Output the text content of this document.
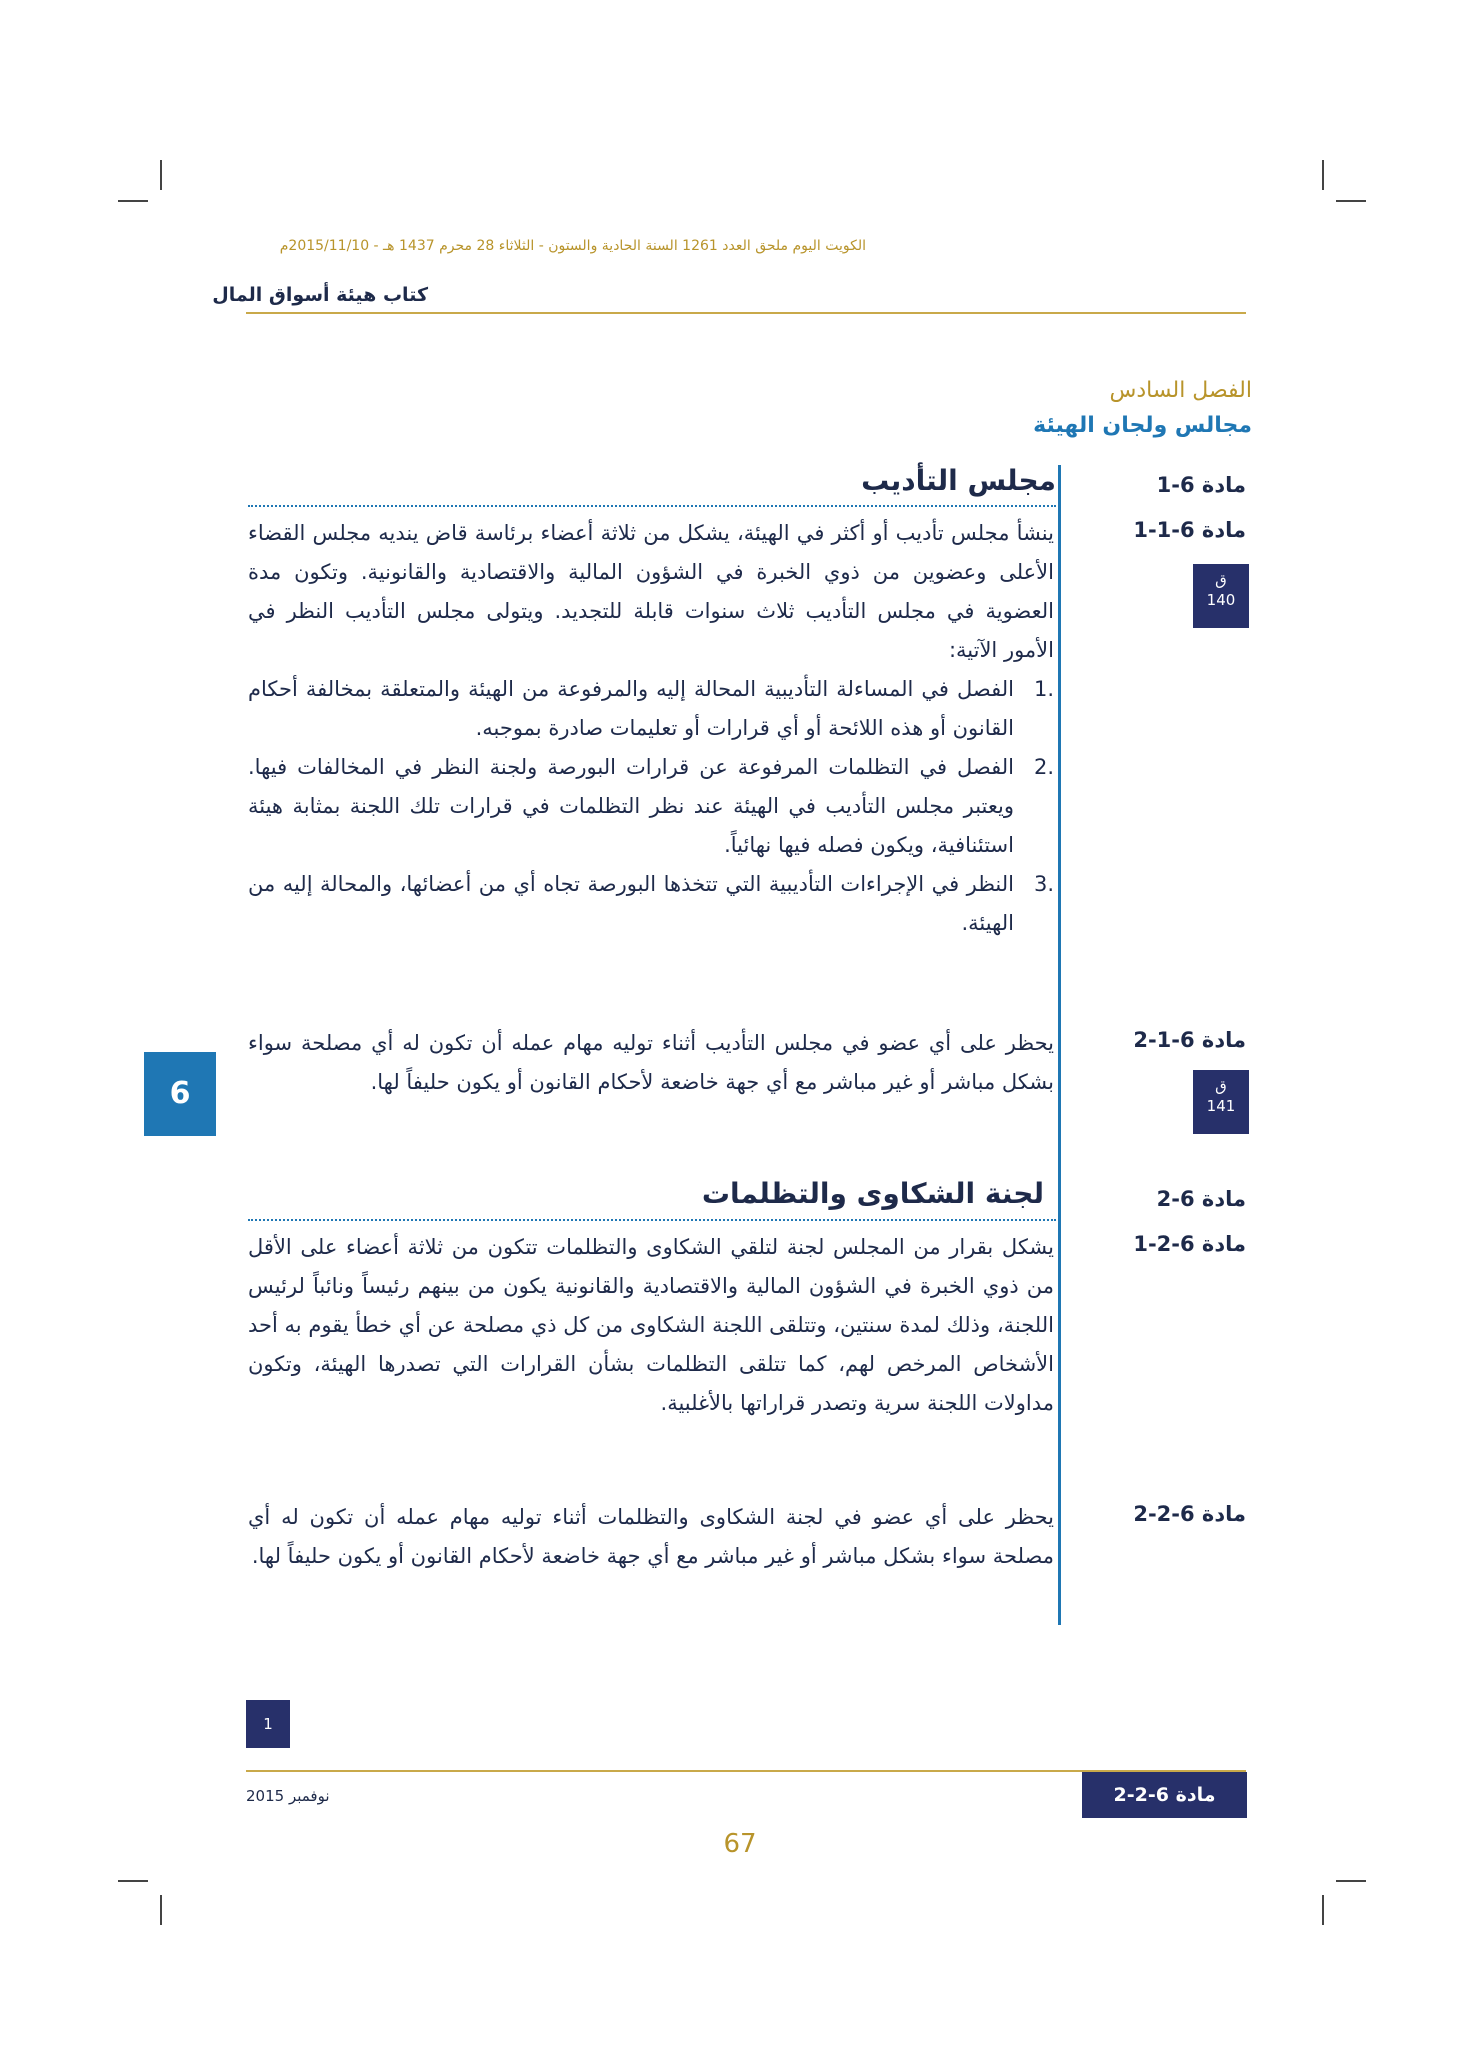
الكويت اليوم ملحق العدد 1261 السنة الحادية والستون - الثلاثاء 28 محرم 1437 هـ - 2015/11/10م
كتاب هيئة أسواق المال
الفصل السادس
مجالس ولجان الهيئة
مادة 6-1
مجلس التأديب
مادة 6-1-1
ق
140

ينشأ مجلس تأديب أو أكثر في الهيئة، يشكل من ثلاثة أعضاء برئاسة قاض ينديه مجلس القضاء الأعلى وعضوين من ذوي الخبرة في الشؤون المالية والاقتصادية والقانونية. وتكون مدة العضوية في مجلس التأديب ثلاث سنوات قابلة للتجديد. ويتولى مجلس التأديب النظر في الأمور الآتية:

.1
الفصل في المساءلة التأديبية المحالة إليه والمرفوعة من الهيئة والمتعلقة بمخالفة أحكام القانون أو هذه اللائحة أو أي قرارات أو تعليمات صادرة بموجبه.
.2
الفصل في التظلمات المرفوعة عن قرارات البورصة ولجنة النظر في المخالفات فيها. ويعتبر مجلس التأديب في الهيئة عند نظر التظلمات في قرارات تلك اللجنة بمثابة هيئة استئنافية، ويكون فصله فيها نهائياً.
.3
النظر في الإجراءات التأديبية التي تتخذها البورصة تجاه أي من أعضائها، والمحالة إليه من الهيئة.
مادة 6-1-2
ق
141

يحظر على أي عضو في مجلس التأديب أثناء توليه مهام عمله أن تكون له أي مصلحة سواء بشكل مباشر أو غير مباشر مع أي جهة خاضعة لأحكام القانون أو يكون حليفاً لها.

6
مادة 6-2
لجنة الشكاوى والتظلمات
مادة 6-2-1

يشكل بقرار من المجلس لجنة لتلقي الشكاوى والتظلمات تتكون من ثلاثة أعضاء على الأقل من ذوي الخبرة في الشؤون المالية والاقتصادية والقانونية يكون من بينهم رئيساً ونائباً لرئيس اللجنة، وذلك لمدة سنتين، وتتلقى اللجنة الشكاوى من كل ذي مصلحة عن أي خطأ يقوم به أحد الأشخاص المرخص لهم، كما تتلقى التظلمات بشأن القرارات التي تصدرها الهيئة، وتكون مداولات اللجنة سرية وتصدر قراراتها بالأغلبية.

مادة 6-2-2

يحظر على أي عضو في لجنة الشكاوى والتظلمات أثناء توليه مهام عمله أن تكون له أي مصلحة سواء بشكل مباشر أو غير مباشر مع أي جهة خاضعة لأحكام القانون أو يكون حليفاً لها.

1
نوفمبر 2015	مادة 6-2-2
67
